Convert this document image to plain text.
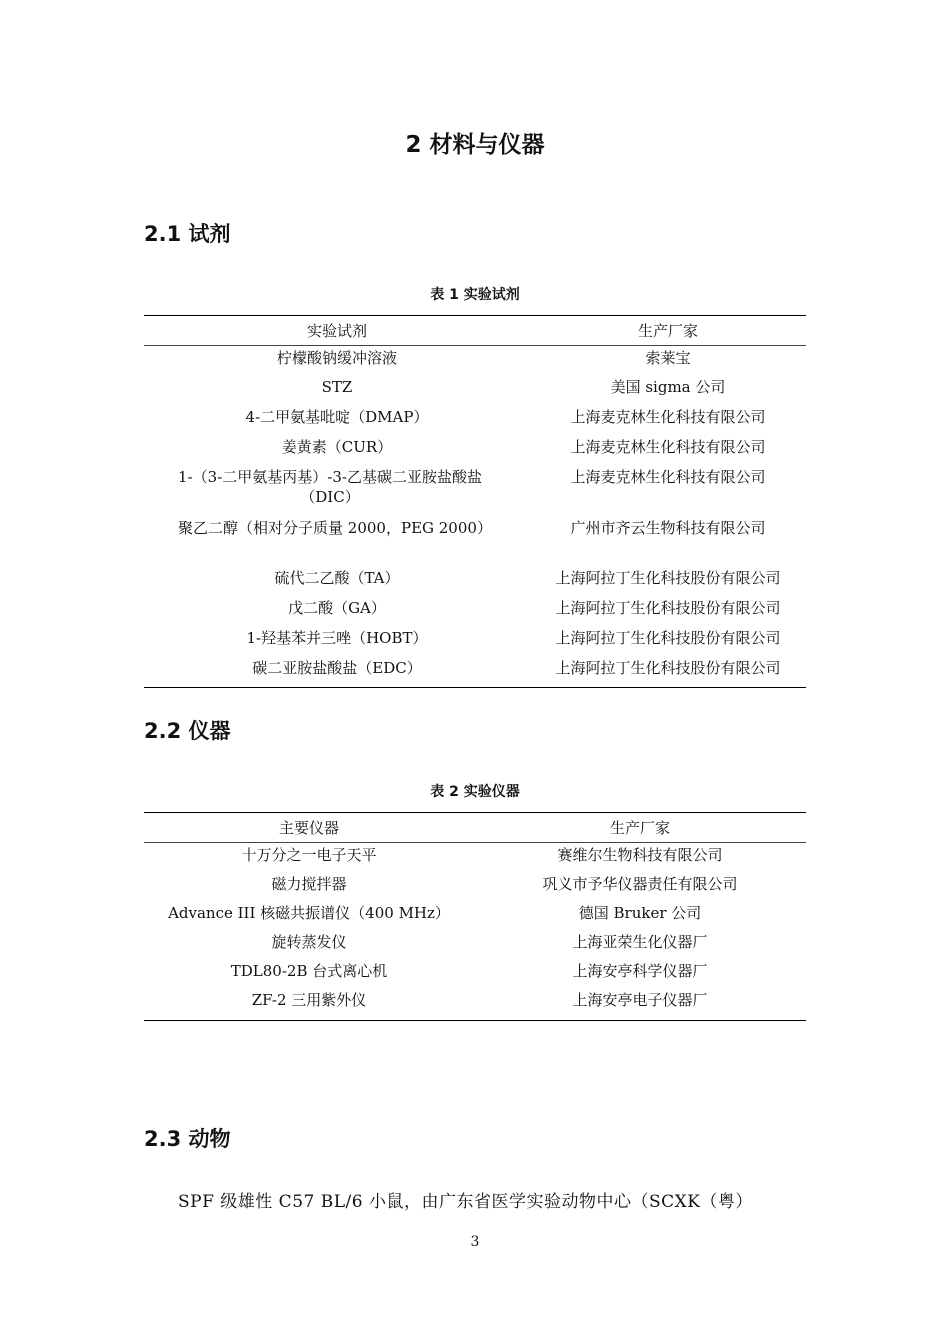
2 材料与仪器
2.1 试剂
表 1 实验试剂
实验试剂	生产厂家
柠檬酸钠缓冲溶液	索莱宝
STZ	美国 sigma 公司
4-二甲氨基吡啶（DMAP）	上海麦克林生化科技有限公司
姜黄素（CUR）	上海麦克林生化科技有限公司
1-（3-二甲氨基丙基）-3-乙基碳二亚胺盐酸盐（DIC）	上海麦克林生化科技有限公司
聚乙二醇（相对分子质量 2000，PEG 2000）	广州市齐云生物科技有限公司
硫代二乙酸（TA）	上海阿拉丁生化科技股份有限公司
戊二酸（GA）	上海阿拉丁生化科技股份有限公司
1-羟基苯并三唑（HOBT）	上海阿拉丁生化科技股份有限公司
碳二亚胺盐酸盐（EDC）	上海阿拉丁生化科技股份有限公司
2.2 仪器
表 2 实验仪器
主要仪器	生产厂家
十万分之一电子天平	赛维尔生物科技有限公司
磁力搅拌器	巩义市予华仪器责任有限公司
Advance III 核磁共振谱仪（400 MHz）	德国 Bruker 公司
旋转蒸发仪	上海亚荣生化仪器厂
TDL80-2B 台式离心机	上海安亭科学仪器厂
ZF-2 三用紫外仪	上海安亭电子仪器厂
2.3 动物
SPF 级雄性 C57 BL/6 小鼠，由广东省医学实验动物中心（SCXK（粤）
3
